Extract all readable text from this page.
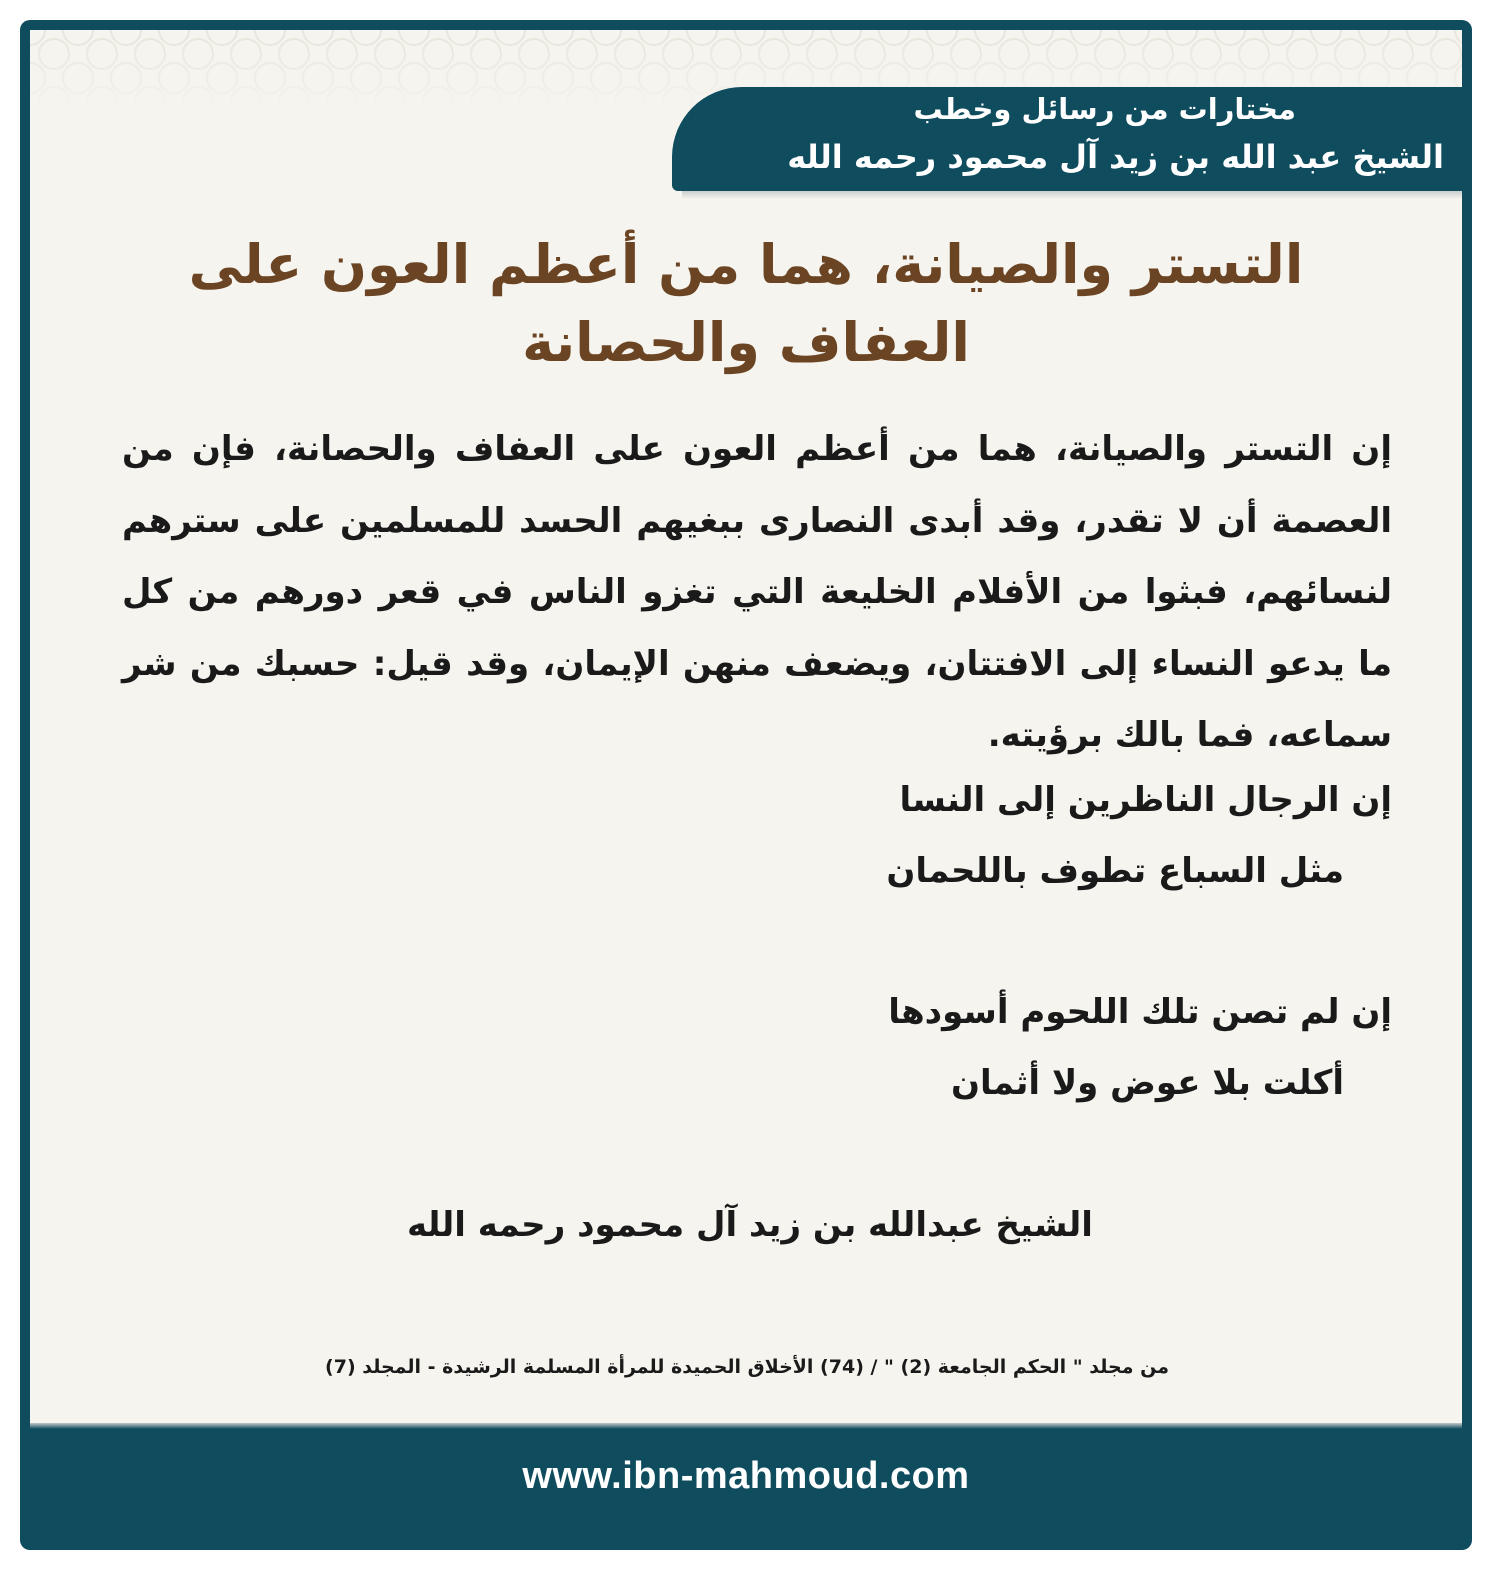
مختارات من رسائل وخطب
الشيخ عبد الله بن زيد آل محمود رحمه الله
التستر والصيانة، هما من أعظم العون على
العفاف والحصانة
إن التستر والصيانة، هما من أعظم العون على العفاف والحصانة، فإن من العصمة أن لا تقدر، وقد أبدى النصارى ببغيهم الحسد للمسلمين على سترهم لنسائهم، فبثوا من الأفلام الخليعة التي تغزو الناس في قعر دورهم من كل ما يدعو النساء إلى الافتتان، ويضعف منهن الإيمان، وقد قيل: حسبك من شر سماعه، فما بالك برؤيته.
إن الرجال الناظرين إلى النسا
مثل السباع تطوف باللحمان
إن لم تصن تلك اللحوم أسودها
أكلت بلا عوض ولا أثمان
الشيخ عبدالله بن زيد آل محمود رحمه الله
من مجلد " الحكم الجامعة (2) " / (74) الأخلاق الحميدة للمرأة المسلمة الرشيدة - المجلد (7)
www.ibn-mahmoud.com
